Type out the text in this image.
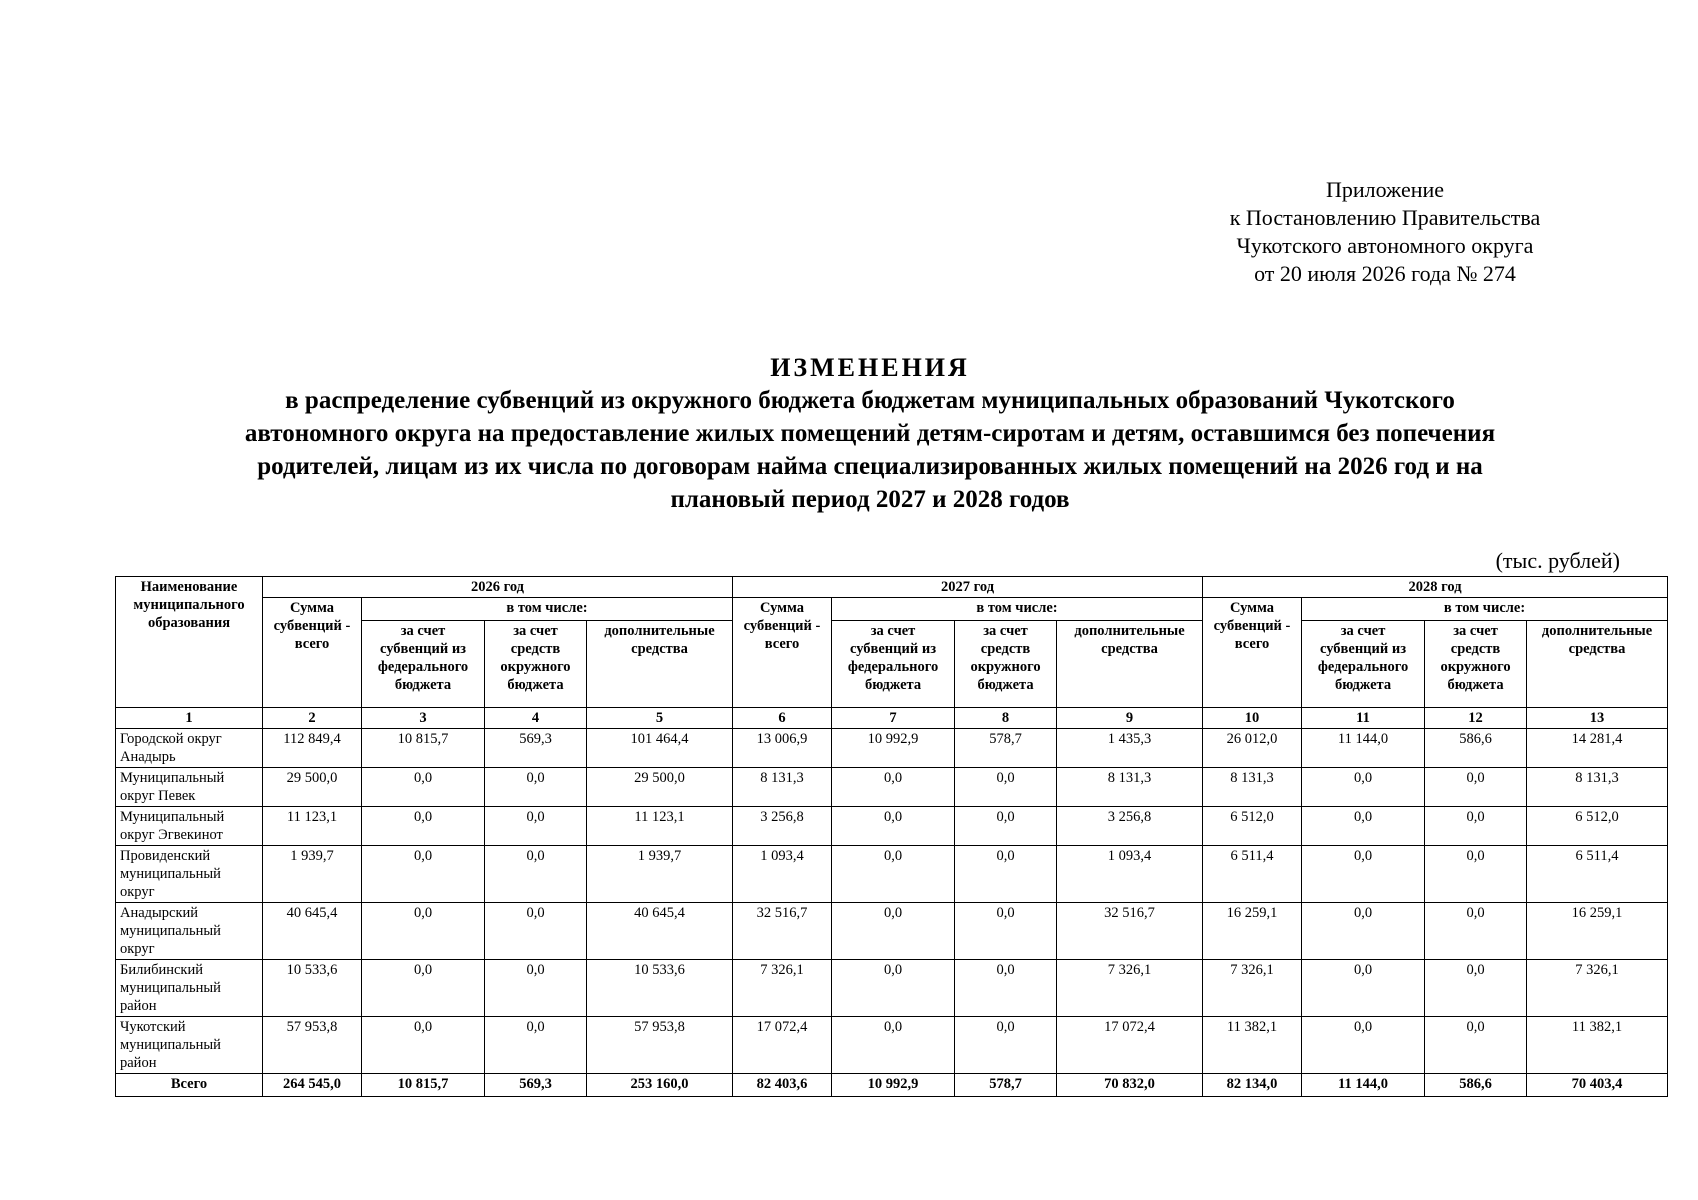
Приложение
к Постановлению Правительства
Чукотского автономного округа
от 20 июля 2026 года № 274
ИЗМЕНЕНИЯ
в распределение субвенций из окружного бюджета бюджетам муниципальных образований Чукотского
автономного округа на предоставление жилых помещений детям-сиротам и детям, оставшимся без попечения
родителей, лицам из их числа по договорам найма специализированных жилых помещений на 2026 год и на
плановый период 2027 и 2028 годов
(тыс. рублей)
Наименование муниципального образования	2026 год				2027 год				2028 год			
	Сумма субвенций - всего	в том числе:			Сумма субвенций - всего	в том числе:			Сумма субвенций - всего	в том числе:		
		за счет субвенций из федерального бюджета	за счет средств окружного бюджета	дополнительные средства		за счет субвенций из федерального бюджета	за счет средств окружного бюджета	дополнительные средства		за счет субвенций из федерального бюджета	за счет средств окружного бюджета	дополнительные средства
1	2	3	4	5	6	7	8	9	10	11	12	13
Городской округ Анадырь	112 849,4	10 815,7	569,3	101 464,4	13 006,9	10 992,9	578,7	1 435,3	26 012,0	11 144,0	586,6	14 281,4
Муниципальный округ Певек	29 500,0	0,0	0,0	29 500,0	8 131,3	0,0	0,0	8 131,3	8 131,3	0,0	0,0	8 131,3
Муниципальный округ Эгвекинот	11 123,1	0,0	0,0	11 123,1	3 256,8	0,0	0,0	3 256,8	6 512,0	0,0	0,0	6 512,0
Провиденский муниципальный округ	1 939,7	0,0	0,0	1 939,7	1 093,4	0,0	0,0	1 093,4	6 511,4	0,0	0,0	6 511,4
Анадырский муниципальный округ	40 645,4	0,0	0,0	40 645,4	32 516,7	0,0	0,0	32 516,7	16 259,1	0,0	0,0	16 259,1
Билибинский муниципальный район	10 533,6	0,0	0,0	10 533,6	7 326,1	0,0	0,0	7 326,1	7 326,1	0,0	0,0	7 326,1
Чукотский муниципальный район	57 953,8	0,0	0,0	57 953,8	17 072,4	0,0	0,0	17 072,4	11 382,1	0,0	0,0	11 382,1
Всего	264 545,0	10 815,7	569,3	253 160,0	82 403,6	10 992,9	578,7	70 832,0	82 134,0	11 144,0	586,6	70 403,4
